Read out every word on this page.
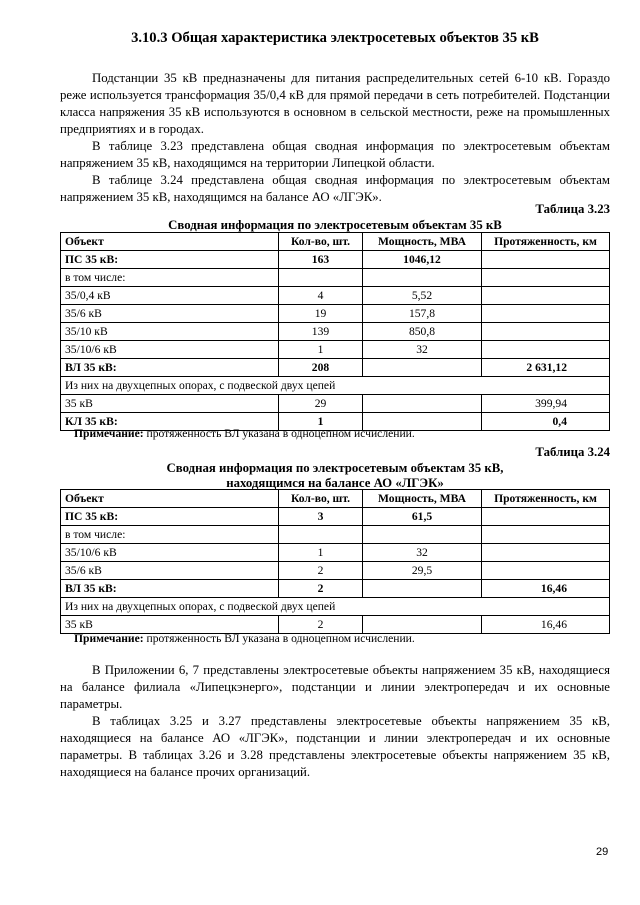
3.10.3 Общая характеристика электросетевых объектов 35 кВ

Подстанции 35 кВ предназначены для питания распределительных сетей 6-10 кВ. Гораздо реже используется трансформация 35/0,4 кВ для прямой передачи в сеть потребителей. Подстанции класса напряжения 35 кВ используются в основном в сельской местности, реже на промышленных предприятиях и в городах.

В таблице 3.23 представлена общая сводная информация по электросетевым объектам напряжением 35 кВ, находящимся на территории Липецкой области.

В таблице 3.24 представлена общая сводная информация по электросетевым объектам напряжением 35 кВ, находящимся на балансе АО «ЛГЭК».

Таблица 3.23
Сводная информация по электросетевым объектам 35 кВ
Объект	Кол-во, шт.	Мощность, МВА	Протяженность, км
ПС 35 кВ:	163	1046,12	
в том числе:			
35/0,4 кВ	4	5,52	
35/6 кВ	19	157,8	
35/10 кВ	139	850,8	
35/10/6 кВ	1	32	
ВЛ 35 кВ:	208		2 631,12
Из них на двухцепных опорах, с подвеской двух цепей			
35 кВ	29		399,94
КЛ 35 кВ:	1		0,4
Примечание: протяженность ВЛ указана в одноцепном исчислении.
Таблица 3.24
Сводная информация по электросетевым объектам 35 кВ,
находящимся на балансе АО «ЛГЭК»
Объект	Кол-во, шт.	Мощность, МВА	Протяженность, км
ПС 35 кВ:	3	61,5	
в том числе:			
35/10/6 кВ	1	32	
35/6 кВ	2	29,5	
ВЛ 35 кВ:	2		16,46
Из них на двухцепных опорах, с подвеской двух цепей			
35 кВ	2		16,46
Примечание: протяженность ВЛ указана в одноцепном исчислении.

В Приложении 6, 7 представлены электросетевые объекты напряжением 35 кВ, находящиеся на балансе филиала «Липецкэнерго», подстанции и линии электропередач и их основные параметры.

В таблицах 3.25 и 3.27 представлены электросетевые объекты напряжением 35 кВ, находящиеся на балансе АО «ЛГЭК», подстанции и линии электропередач и их основные параметры. В таблицах 3.26 и 3.28 представлены электросетевые объекты напряжением 35 кВ, находящиеся на балансе прочих организаций.

29
